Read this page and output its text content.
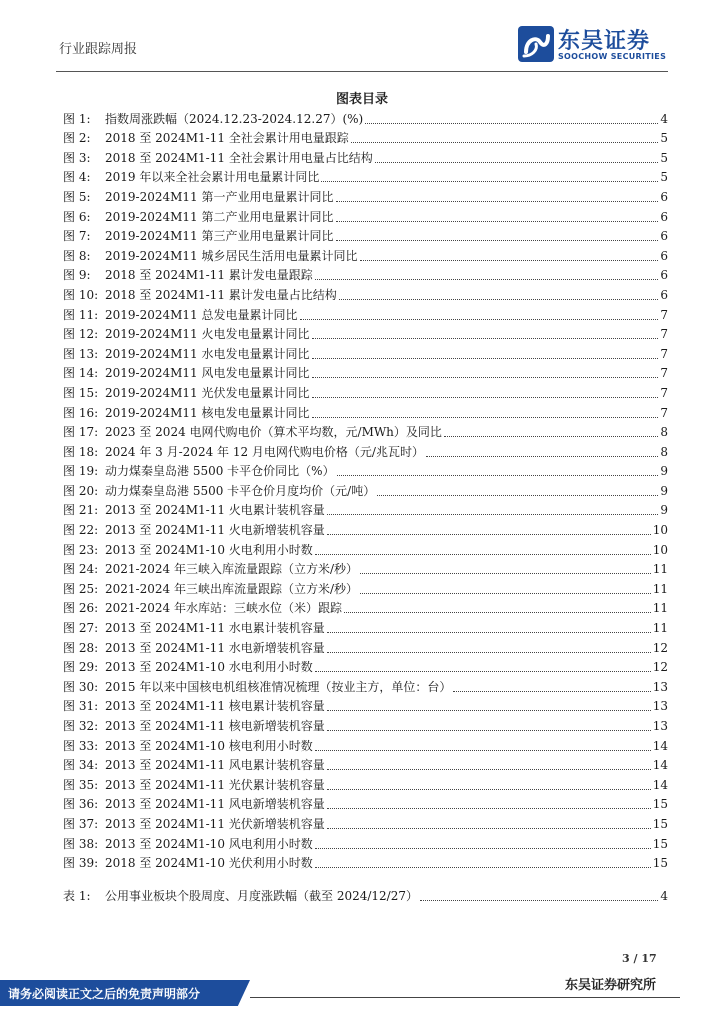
行业跟踪周报	东吴证券
SOOCHOW SECURITIES
图表目录
图 1:	指数周涨跌幅（2024.12.23-2024.12.27）(%)	4
图 2:	2018 至 2024M1-11 全社会累计用电量跟踪	5
图 3:	2018 至 2024M1-11 全社会累计用电量占比结构	5
图 4:	2019 年以来全社会累计用电量累计同比	5
图 5:	2019-2024M11 第一产业用电量累计同比	6
图 6:	2019-2024M11 第二产业用电量累计同比	6
图 7:	2019-2024M11 第三产业用电量累计同比	6
图 8:	2019-2024M11 城乡居民生活用电量累计同比	6
图 9:	2018 至 2024M1-11 累计发电量跟踪	6
图 10: 2018 至 2024M1-11 累计发电量占比结构	6
图 11: 2019-2024M11 总发电量累计同比	7
图 12: 2019-2024M11 火电发电量累计同比	7
图 13: 2019-2024M11 水电发电量累计同比	7
图 14: 2019-2024M11 风电发电量累计同比	7
图 15: 2019-2024M11 光伏发电量累计同比	7
图 16: 2019-2024M11 核电发电量累计同比	7
图 17: 2023 至 2024 电网代购电价（算术平均数，元/MWh）及同比	8
图 18: 2024 年 3 月-2024 年 12 月电网代购电价格（元/兆瓦时）	8
图 19: 动力煤秦皇岛港 5500 卡平仓价同比（%）	9
图 20: 动力煤秦皇岛港 5500 卡平仓价月度均价（元/吨）	9
图 21: 2013 至 2024M1-11 火电累计装机容量	9
图 22: 2013 至 2024M1-11 火电新增装机容量	10
图 23: 2013 至 2024M1-10 火电利用小时数	10
图 24: 2021-2024 年三峡入库流量跟踪（立方米/秒）	11
图 25: 2021-2024 年三峡出库流量跟踪（立方米/秒）	11
图 26: 2021-2024 年水库站：三峡水位（米）跟踪	11
图 27: 2013 至 2024M1-11 水电累计装机容量	11
图 28: 2013 至 2024M1-11 水电新增装机容量	12
图 29: 2013 至 2024M1-10 水电利用小时数	12
图 30: 2015 年以来中国核电机组核准情况梳理（按业主方，单位：台）	13
图 31: 2013 至 2024M1-11 核电累计装机容量	13
图 32: 2013 至 2024M1-11 核电新增装机容量	13
图 33: 2013 至 2024M1-10 核电利用小时数	14
图 34: 2013 至 2024M1-11 风电累计装机容量	14
图 35: 2013 至 2024M1-11 光伏累计装机容量	14
图 36: 2013 至 2024M1-11 风电新增装机容量	15
图 37: 2013 至 2024M1-11 光伏新增装机容量	15
图 38: 2013 至 2024M1-10 风电利用小时数	15
图 39: 2018 至 2024M1-10 光伏利用小时数	15
表 1:	公用事业板块个股周度、月度涨跌幅（截至 2024/12/27）	4
3 / 17
东吴证券研究所
请务必阅读正文之后的免责声明部分
